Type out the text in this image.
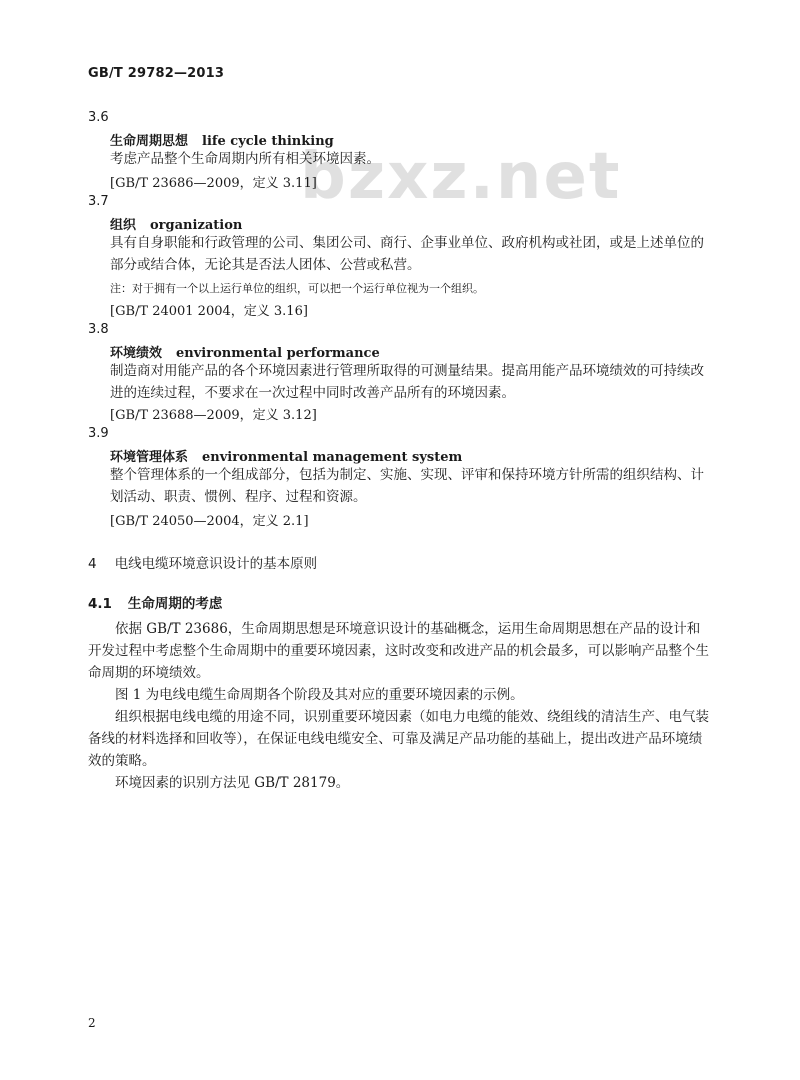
bzxz.net
GB/T 29782—2013
3.6
生命周期思想 life cycle thinking
考虑产品整个生命周期内所有相关环境因素。
[GB/T 23686—2009，定义 3.11]
3.7
组织 organization
具有自身职能和行政管理的公司、集团公司、商行、企事业单位、政府机构或社团，或是上述单位的部分或结合体，无论其是否法人团体、公营或私营。
注：对于拥有一个以上运行单位的组织，可以把一个运行单位视为一个组织。
[GB/T 24001 2004，定义 3.16]
3.8
环境绩效 environmental performance
制造商对用能产品的各个环境因素进行管理所取得的可测量结果。提高用能产品环境绩效的可持续改进的连续过程，不要求在一次过程中同时改善产品所有的环境因素。
[GB/T 23688—2009，定义 3.12]
3.9
环境管理体系 environmental management system
整个管理体系的一个组成部分，包括为制定、实施、实现、评审和保持环境方针所需的组织结构、计划活动、职责、惯例、程序、过程和资源。
[GB/T 24050—2004，定义 2.1]
4 电线电缆环境意识设计的基本原则
4.1 生命周期的考虑
依据 GB/T 23686，生命周期思想是环境意识设计的基础概念，运用生命周期思想在产品的设计和开发过程中考虑整个生命周期中的重要环境因素，这时改变和改进产品的机会最多，可以影响产品整个生命周期的环境绩效。
图 1 为电线电缆生命周期各个阶段及其对应的重要环境因素的示例。
组织根据电线电缆的用途不同，识别重要环境因素（如电力电缆的能效、绕组线的清洁生产、电气装备线的材料选择和回收等），在保证电线电缆安全、可靠及满足产品功能的基础上，提出改进产品环境绩效的策略。
环境因素的识别方法见 GB/T 28179。
2
